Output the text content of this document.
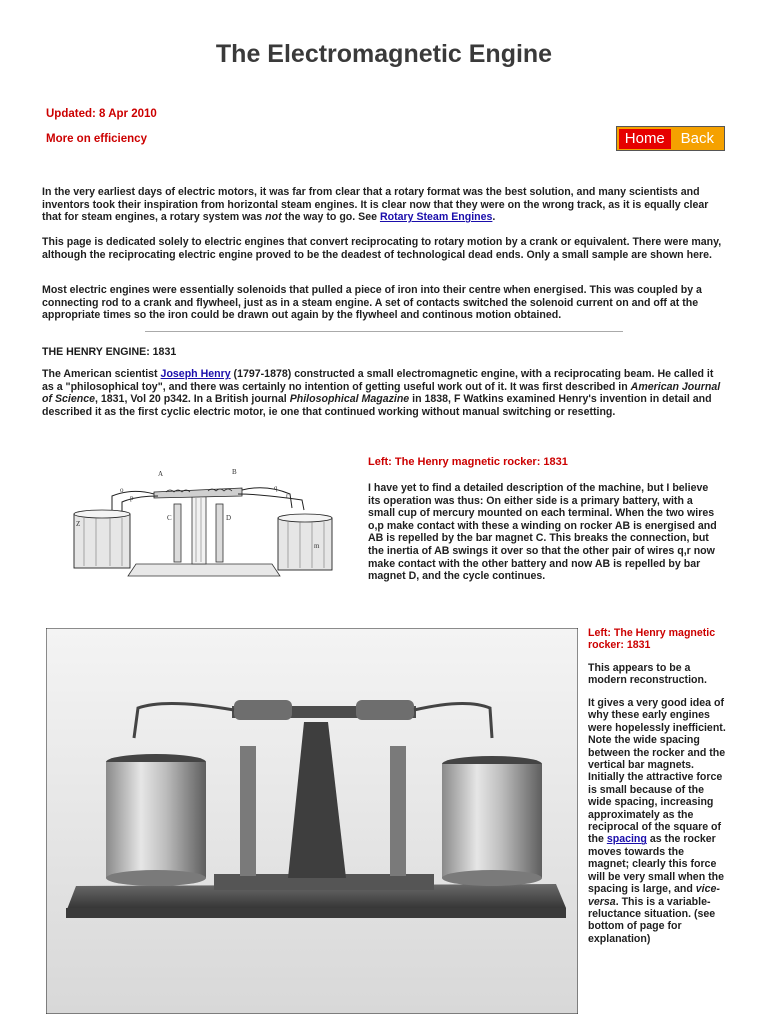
The Electromagnetic Engine
Updated: 8 Apr 2010
More on efficiency	Home	Back

In the very earliest days of electric motors, it was far from clear that a rotary format was the best solution, and many scientists and inventors took their inspiration from horizontal steam engines. It is clear now that they were on the wrong track, as it is equally clear that for steam engines, a rotary system was not the way to go. See Rotary Steam Engines.

This page is dedicated solely to electric engines that convert reciprocating to rotary motion by a crank or equivalent. There were many, although the reciprocating electric engine proved to be the deadest of technological dead ends. Only a small sample are shown here.

Most electric engines were essentially solenoids that pulled a piece of iron into their centre when energised. This was coupled by a connecting rod to a crank and flywheel, just as in a steam engine. A set of contacts switched the solenoid current on and off at the appropriate times so the iron could be drawn out again by the flywheel and continous motion obtained.

THE HENRY ENGINE: 1831

The American scientist Joseph Henry (1797-1878) constructed a small electromagnetic engine, with a reciprocating beam. He called it as a "philosophical toy", and there was certainly no intention of getting useful work out of it. It was first described in American Journal of Science, 1831, Vol 20 p342. In a British journal Philosophical Magazine in 1838, F Watkins examined Henry's invention in detail and described it as the first cyclic electric motor, ie one that continued working without manual switching or resetting.

A	B
o
p
q
r
C	D
Z
m
Left: The Henry magnetic rocker: 1831

I have yet to find a detailed description of the machine, but I believe its operation was thus: On either side is a primary battery, with a small cup of mercury mounted on each terminal. When the two wires o,p make contact with these a winding on rocker AB is energised and AB is repelled by the bar magnet C. This breaks the connection, but the inertia of AB swings it over so that the other pair of wires q,r now make contact with the other battery and now AB is repelled by bar magnet D, and the cycle continues.

Left: The Henry magnetic rocker: 1831

This appears to be a modern reconstruction.

It gives a very good idea of why these early engines were hopelessly inefficient. Note the wide spacing between the rocker and the vertical bar magnets. Initially the attractive force is small because of the wide spacing, increasing approximately as the reciprocal of the square of the spacing as the rocker moves towards the magnet; clearly this force will be very small when the spacing is large, and vice-versa. This is a variable-reluctance situation. (see bottom of page for explanation)
